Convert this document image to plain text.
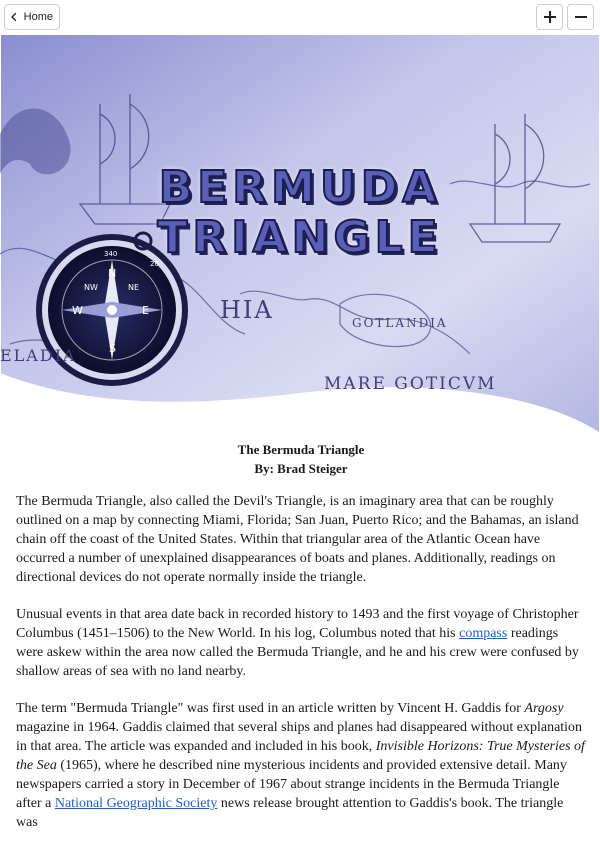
Home
N
E
W
S
NE
NW
340
20
HIA	GOTLANDIA
ELADIA
MARE GOTICVM
BERMUDA
TRIANGLE
The Bermuda Triangle
By: Brad Steiger

The Bermuda Triangle, also called the Devil's Triangle, is an imaginary area that can be roughly outlined on a map by connecting Miami, Florida; San Juan, Puerto Rico; and the Bahamas, an island chain off the coast of the United States. Within that triangular area of the Atlantic Ocean have occurred a number of unexplained disappearances of boats and planes. Additionally, readings on directional devices do not operate normally inside the triangle.

Unusual events in that area date back in recorded history to 1493 and the first voyage of Christopher Columbus (1451–1506) to the New World. In his log, Columbus noted that his compass readings were askew within the area now called the Bermuda Triangle, and he and his crew were confused by shallow areas of sea with no land nearby.

The term "Bermuda Triangle" was first used in an article written by Vincent H. Gaddis for Argosy magazine in 1964. Gaddis claimed that several ships and planes had disappeared without explanation in that area. The article was expanded and included in his book, Invisible Horizons: True Mysteries of the Sea (1965), where he described nine mysterious incidents and provided extensive detail. Many newspapers carried a story in December of 1967 about strange incidents in the Bermuda Triangle after a National Geographic Society news release brought attention to Gaddis's book. The triangle was
